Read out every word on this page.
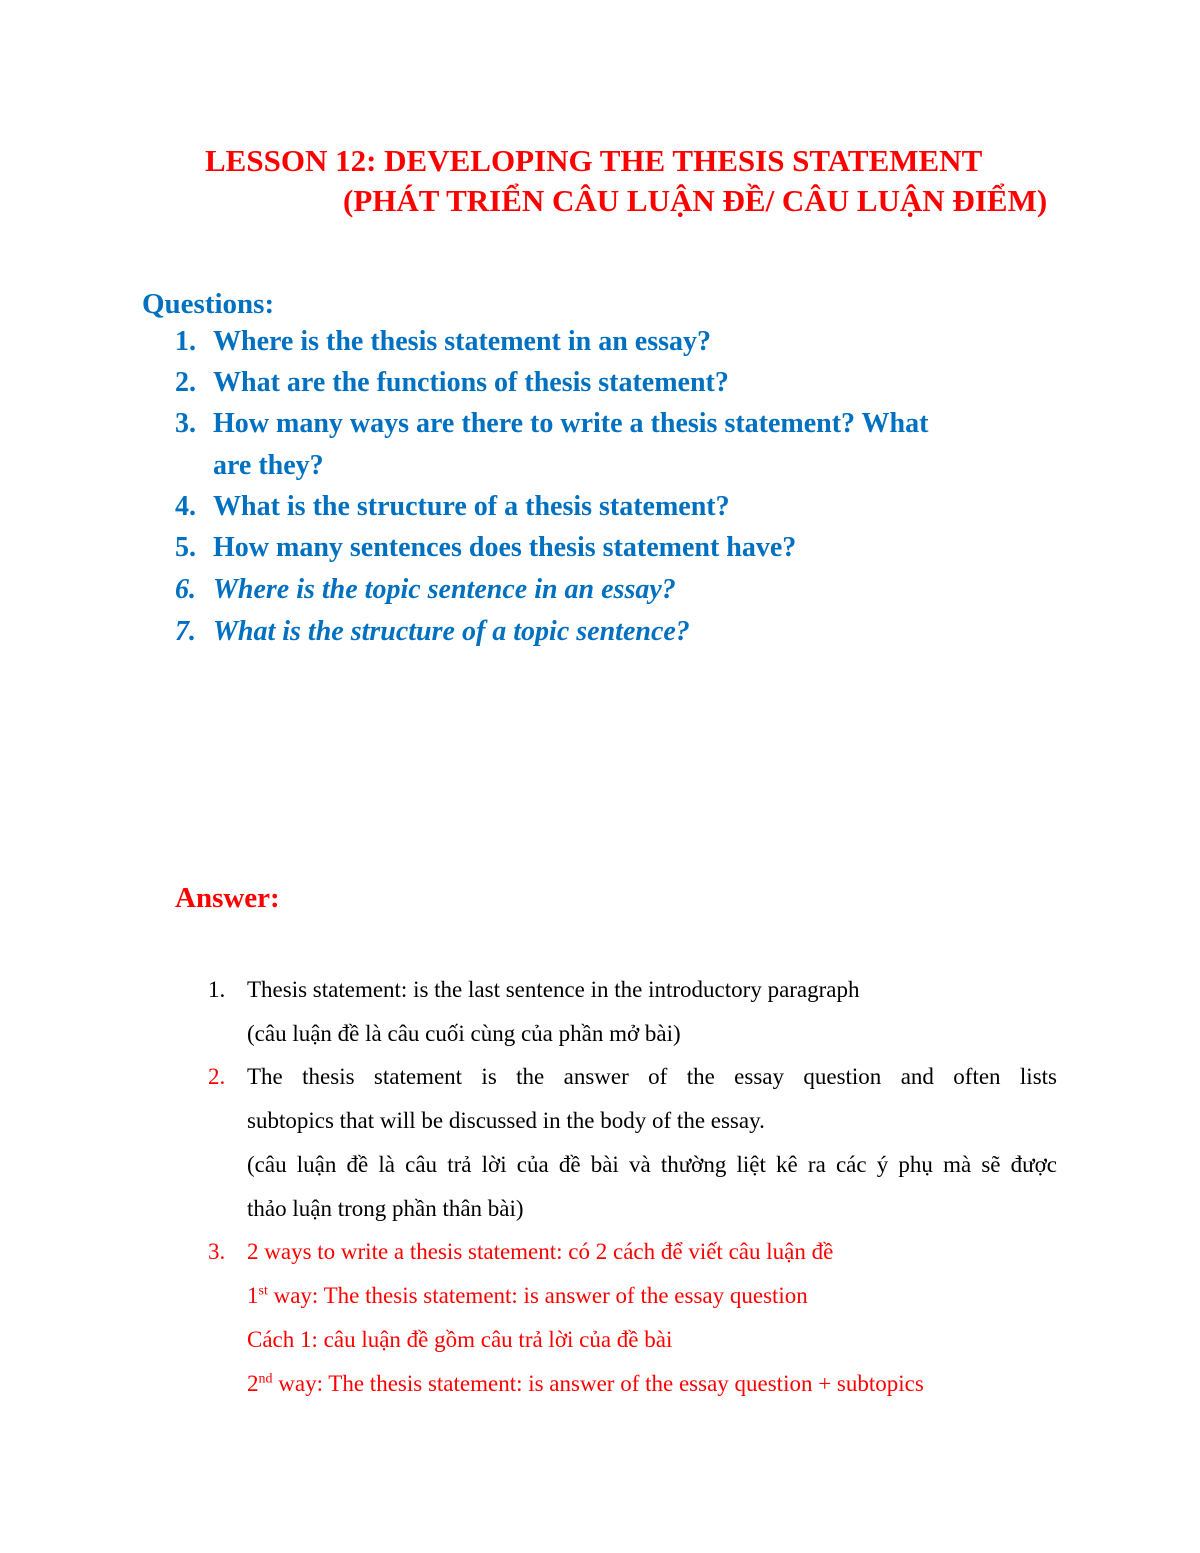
LESSON 12: DEVELOPING THE THESIS STATEMENT
(PHÁT TRIỂN CÂU LUẬN ĐỀ/ CÂU LUẬN ĐIỂM)
Questions:
1. Where is the thesis statement in an essay?
2. What are the functions of thesis statement?
3. How many ways are there to write a thesis statement? What
are they?
4. What is the structure of a thesis statement?
5. How many sentences does thesis statement have?
6. Where is the topic sentence in an essay?
7. What is the structure of a topic sentence?
Answer:
1. Thesis statement: is the last sentence in the introductory paragraph
(câu luận đề là câu cuối cùng của phần mở bài)
2. The thesis statement is the answer of the essay question and often lists
subtopics that will be discussed in the body of the essay.
(câu luận đề là câu trả lời của đề bài và thường liệt kê ra các ý phụ mà sẽ được
thảo luận trong phần thân bài)
3. 2 ways to write a thesis statement: có 2 cách để viết câu luận đề
1st way: The thesis statement: is answer of the essay question
Cách 1: câu luận đề gồm câu trả lời của đề bài
2nd way: The thesis statement: is answer of the essay question + subtopics
